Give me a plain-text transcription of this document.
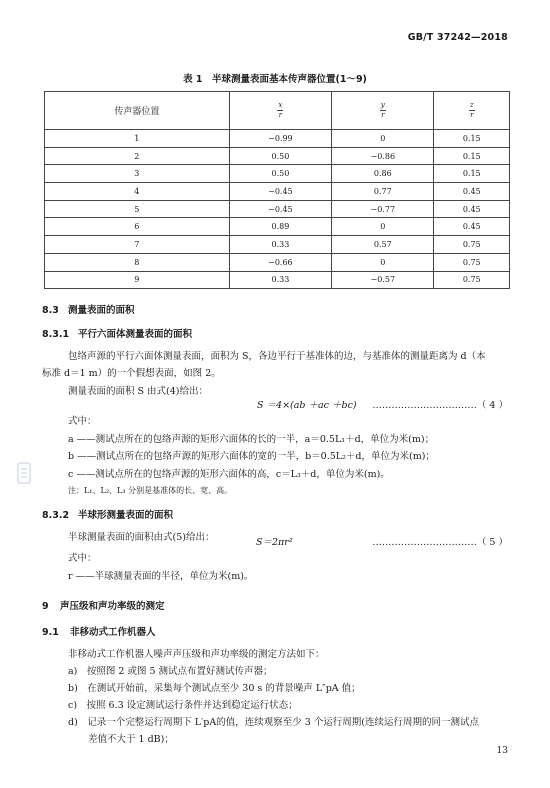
GB/T 37242—2018
表 1　半球测量表面基本传声器位置(1～9)
传声器位置	$\frac{x}{r}$	$\frac{y}{r}$	$\frac{z}{r}$

1	−0.99	0	0.15
2	0.50	−0.86	0.15
3	0.50	0.86	0.15
4	−0.45	0.77	0.45
5	−0.45	−0.77	0.45
6	0.89	0	0.45
7	0.33	0.57	0.75
8	−0.66	0	0.75
9	0.33	−0.57	0.75
8.3 测量表面的面积
8.3.1 平行六面体测量表面的面积
包络声源的平行六面体测量表面，面积为 S，各边平行于基准体的边，与基准体的测量距离为 d（本
标准 d＝1 m）的一个假想表面，如图 2。
测量表面的面积 S 由式(4)给出：
S ＝4×(ab ＋ac ＋bc) ……………………………（ 4 ）
式中：
a ——测试点所在的包络声源的矩形六面体的长的一半，a＝0.5L₁＋d，单位为米(m)；
b ——测试点所在的包络声源的矩形六面体的宽的一半，b＝0.5L₂＋d，单位为米(m)；
c ——测试点所在的包络声源的矩形六面体的高，c＝L₃＋d，单位为米(m)。
注：L₁、L₂、L₃ 分别是基准体的长、宽、高。
8.3.2 半球形测量表面的面积
半球测量表面的面积由式(5)给出：	S＝2πr²	……………………………（ 5 ）
式中：
r ——半球测量表面的半径，单位为米(m)。
9 声压级和声功率级的测定
9.1 非移动式工作机器人
非移动式工作机器人噪声声压级和声功率级的测定方法如下：
a)　按照图 2 或图 5 测试点布置好测试传声器；
b)　在测试开始前，采集每个测试点至少 30 s 的背景噪声 L″pA 值；
c)　按照 6.3 设定测试运行条件并达到稳定运行状态；
d)　记录一个完整运行周期下 L′pA的值，连续观察至少 3 个运行周期(连续运行周期的同一测试点
差值不大于 1 dB)；
13
